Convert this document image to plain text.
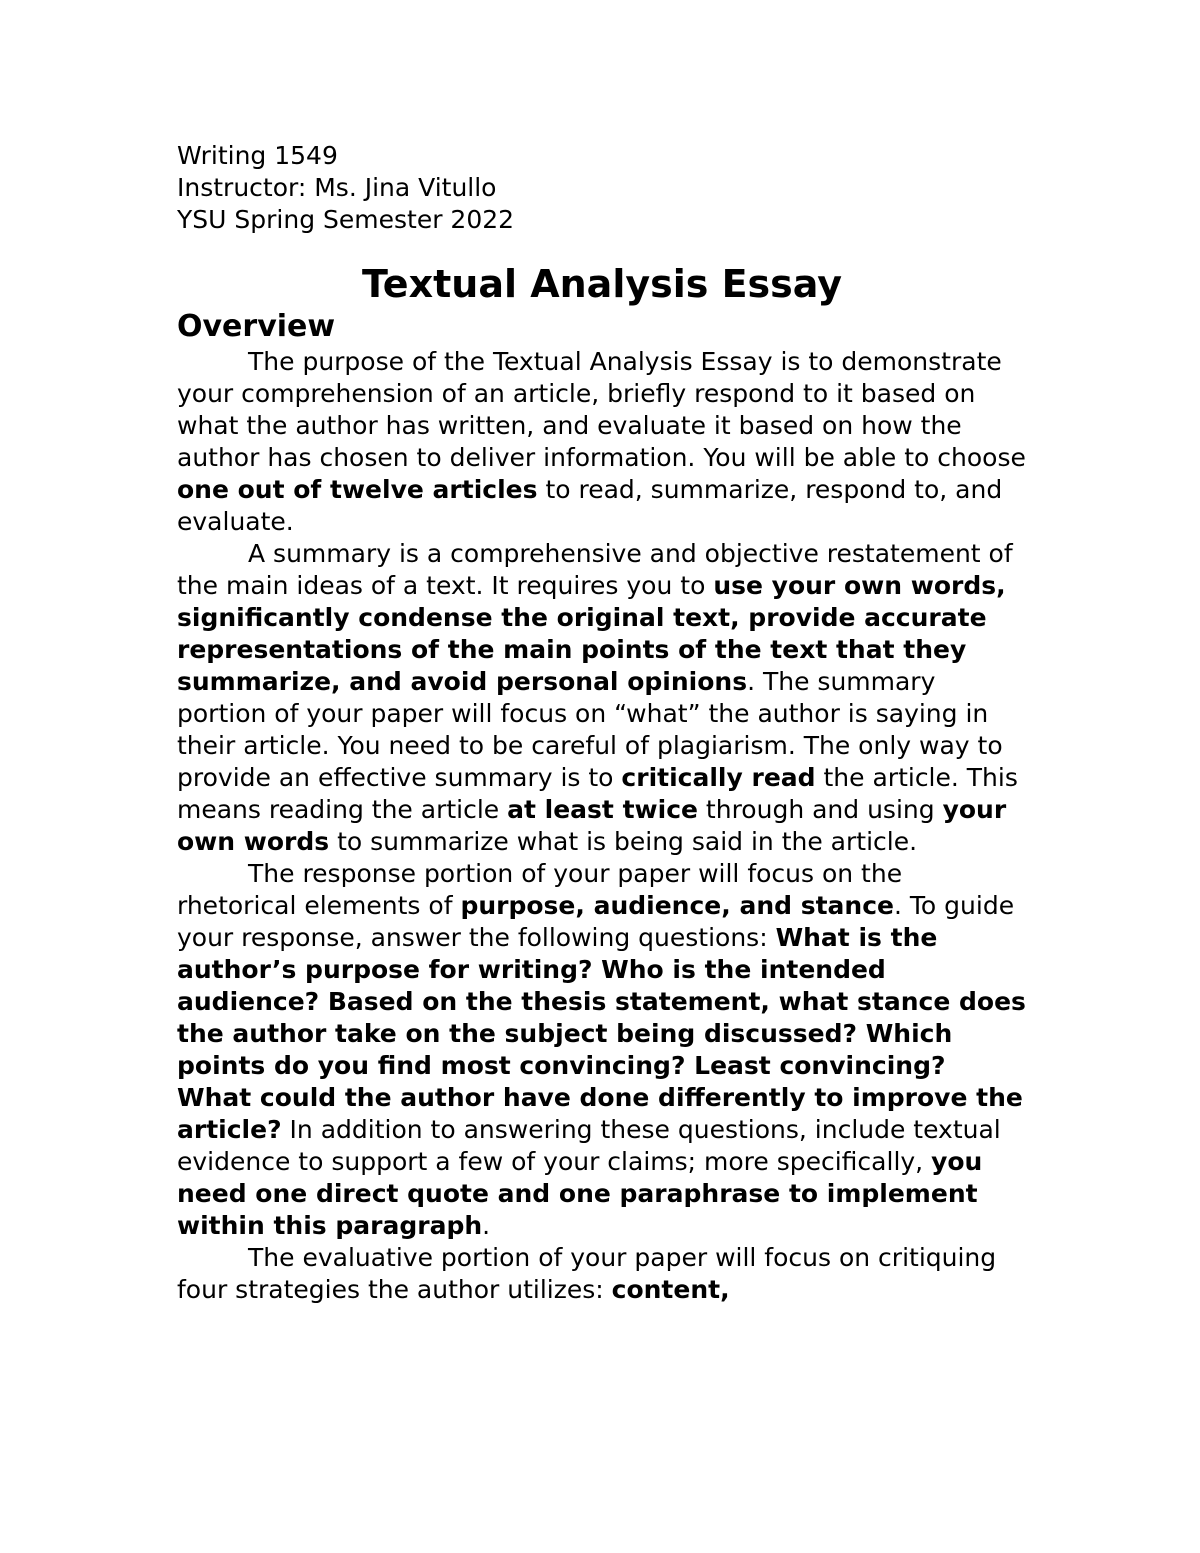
Writing 1549
Instructor: Ms. Jina Vitullo
YSU Spring Semester 2022
Textual Analysis Essay
Overview

The purpose of the Textual Analysis Essay is to demonstrate your comprehension of an article, briefly respond to it based on what the author has written, and evaluate it based on how the author has chosen to deliver information. You will be able to choose one out of twelve articles to read, summarize, respond to, and evaluate.

A summary is a comprehensive and objective restatement of the main ideas of a text. It requires you to use your own words, significantly condense the original text, provide accurate representations of the main points of the text that they summarize, and avoid personal opinions. The summary portion of your paper will focus on “what” the author is saying in their article. You need to be careful of plagiarism. The only way to provide an effective summary is to critically read the article. This means reading the article at least twice through and using your own words to summarize what is being said in the article.

The response portion of your paper will focus on the rhetorical elements of purpose, audience, and stance. To guide your response, answer the following questions: What is the author’s purpose for writing? Who is the intended audience? Based on the thesis statement, what stance does the author take on the subject being discussed? Which points do you find most convincing? Least convincing? What could the author have done differently to improve the article? In addition to answering these questions, include textual evidence to support a few of your claims; more specifically, you need one direct quote and one paraphrase to implement within this paragraph.

The evaluative portion of your paper will focus on critiquing four strategies the author utilizes: content,
